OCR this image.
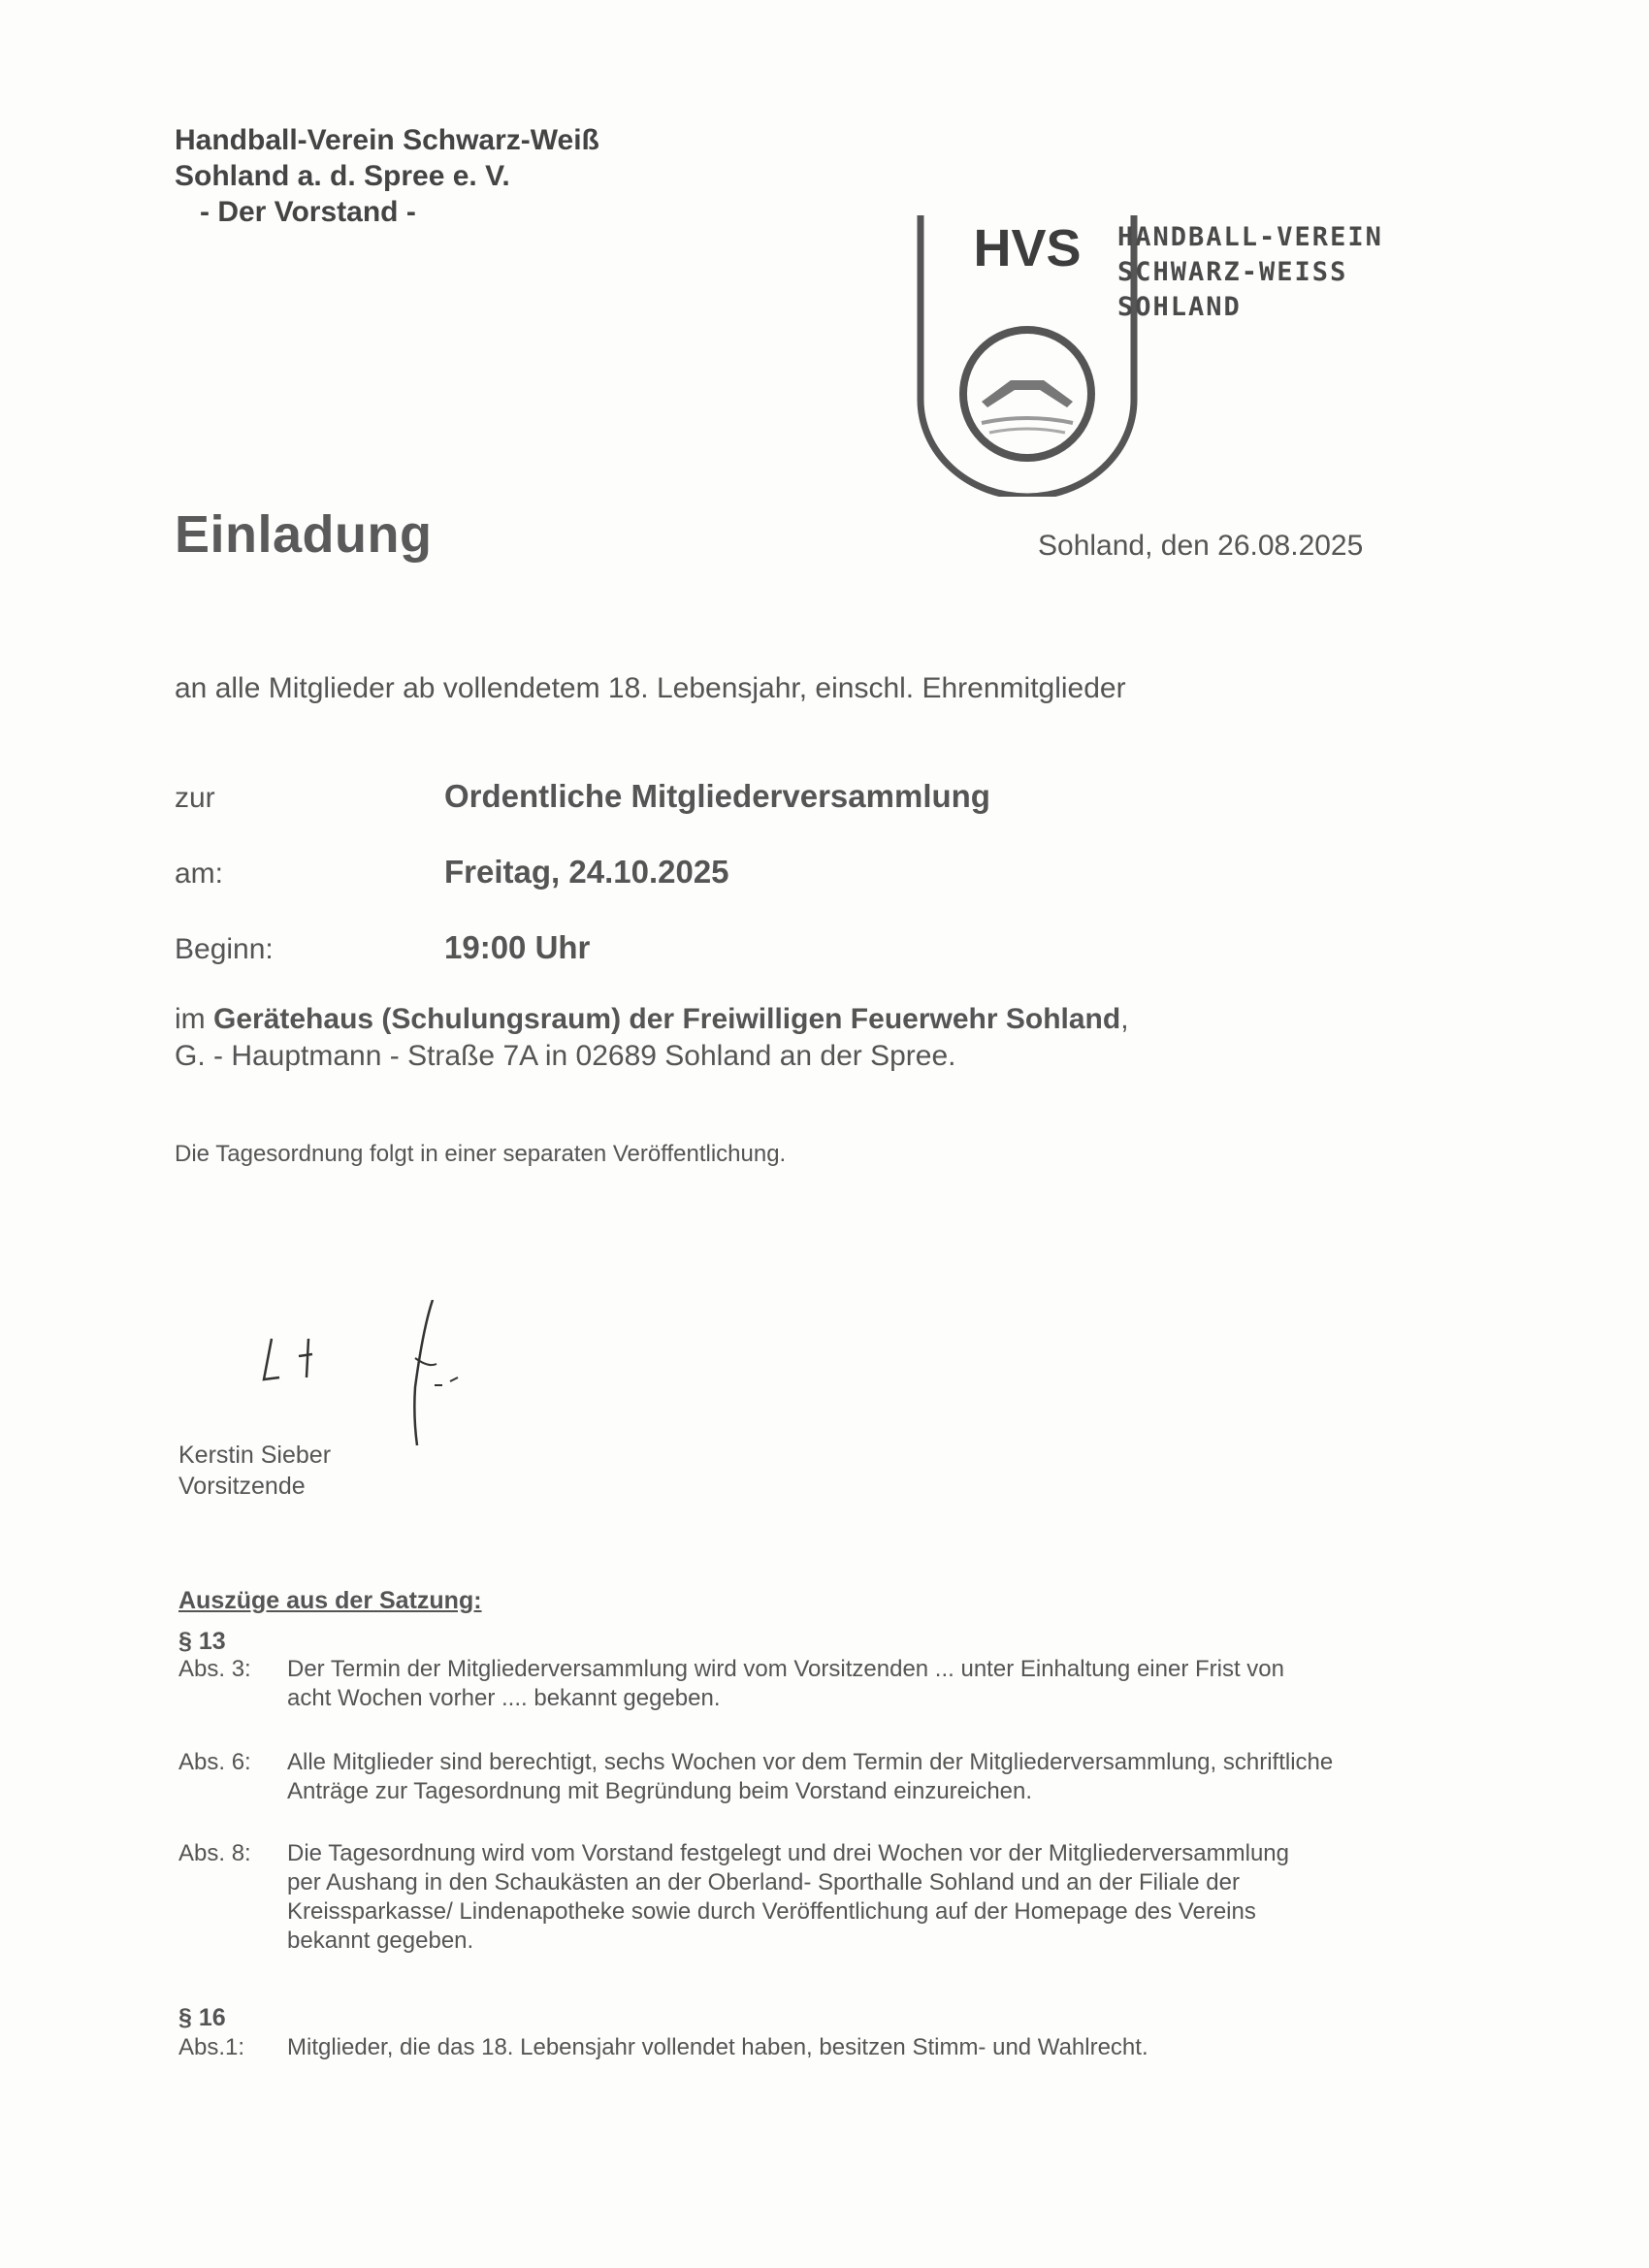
Handball-Verein Schwarz-Weiß
Sohland a. d. Spree e. V.
- Der Vorstand -
HVS HANDBALL-VEREIN
SCHWARZ-WEISS
SOHLAND
Einladung	Sohland, den 26.08.2025
an alle Mitglieder ab vollendetem 18. Lebensjahr, einschl. Ehrenmitglieder
zur	Ordentliche Mitgliederversammlung
am:	Freitag, 24.10.2025
Beginn:	19:00 Uhr
im Gerätehaus (Schulungsraum) der Freiwilligen Feuerwehr Sohland,
G. - Hauptmann - Straße 7A in 02689 Sohland an der Spree.
Die Tagesordnung folgt in einer separaten Veröffentlichung.
Kerstin Sieber
Vorsitzende
Auszüge aus der Satzung:
§ 13
Abs. 3: Der Termin der Mitgliederversammlung wird vom Vorsitzenden ... unter Einhaltung einer Frist von
acht Wochen vorher .... bekannt gegeben.
Abs. 6: Alle Mitglieder sind berechtigt, sechs Wochen vor dem Termin der Mitgliederversammlung, schriftliche
Anträge zur Tagesordnung mit Begründung beim Vorstand einzureichen.
Abs. 8: Die Tagesordnung wird vom Vorstand festgelegt und drei Wochen vor der Mitgliederversammlung
per Aushang in den Schaukästen an der Oberland- Sporthalle Sohland und an der Filiale der
Kreissparkasse/ Lindenapotheke sowie durch Veröffentlichung auf der Homepage des Vereins
bekannt gegeben.
§ 16
Abs.1: Mitglieder, die das 18. Lebensjahr vollendet haben, besitzen Stimm- und Wahlrecht.
